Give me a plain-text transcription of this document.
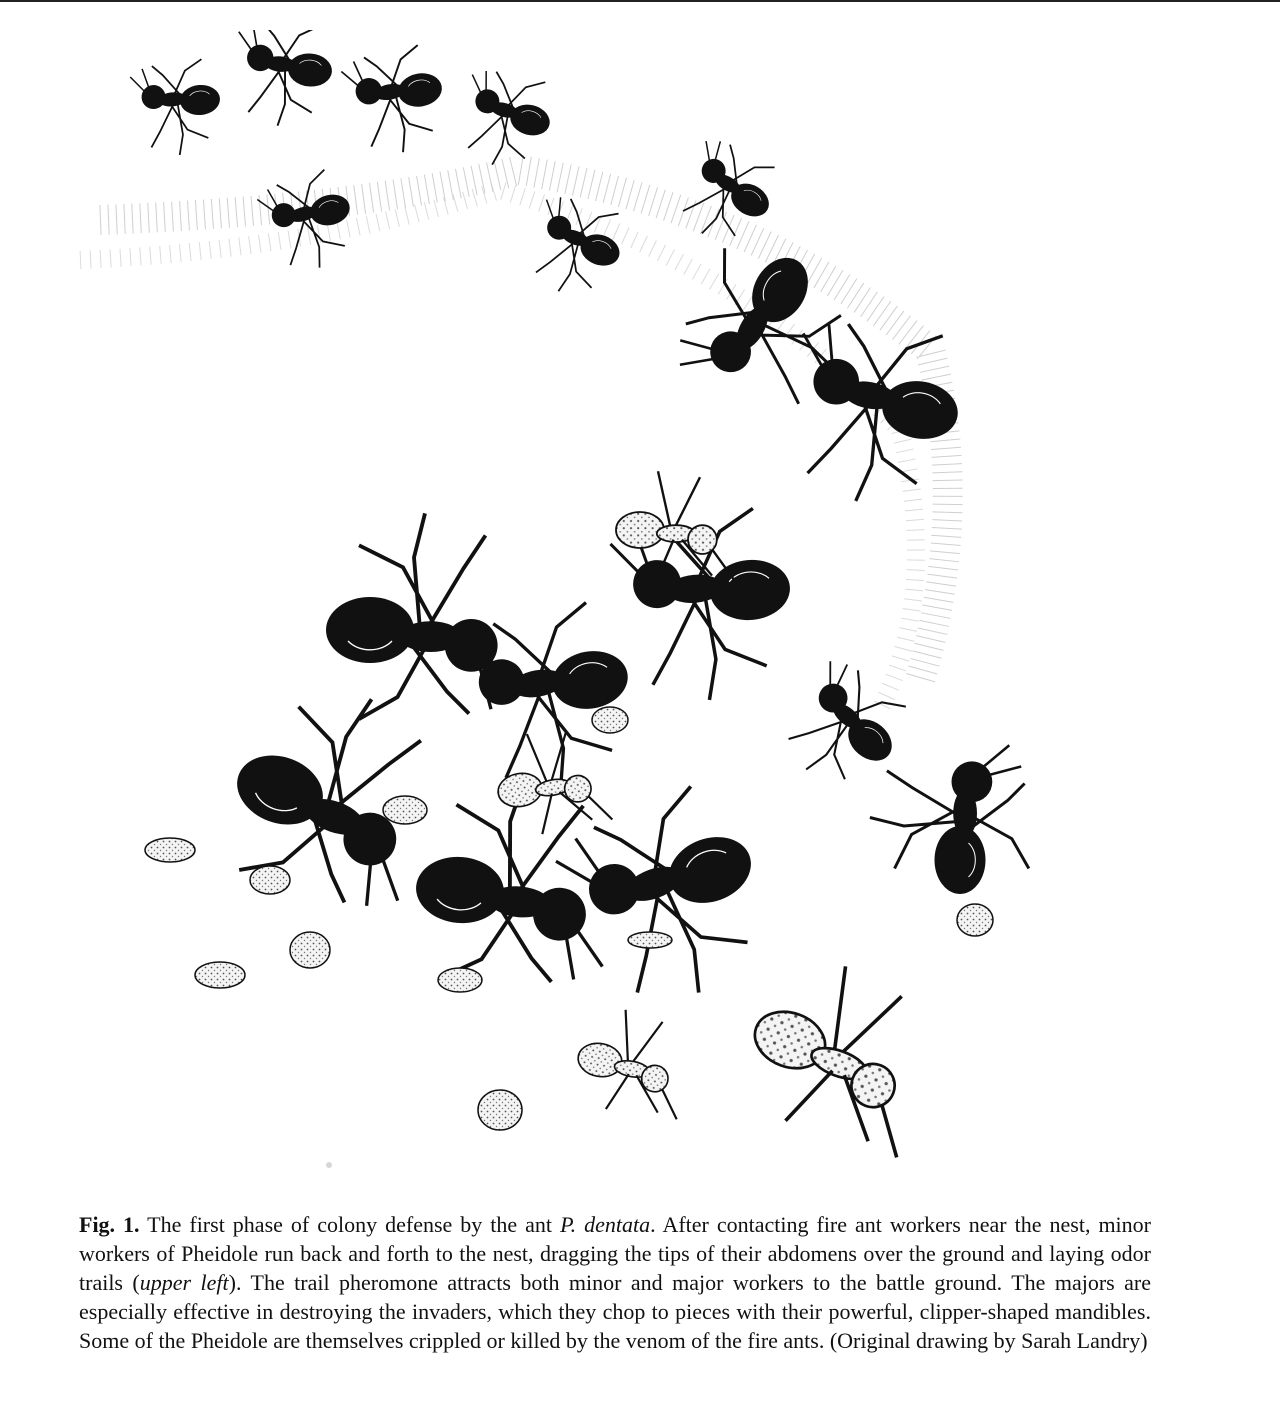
Fig. 1. The first phase of colony defense by the ant P. dentata. After contacting fire ant workers near the nest, minor workers of Pheidole run back and forth to the nest, dragging the tips of their abdomens over the ground and laying odor trails (upper left). The trail pheromone attracts both minor and major workers to the battle ground. The majors are especially effective in destroying the invaders, which they chop to pieces with their powerful, clipper-shaped mandibles. Some of the Pheidole are themselves crippled or killed by the venom of the fire ants. (Original drawing by Sarah Landry)
